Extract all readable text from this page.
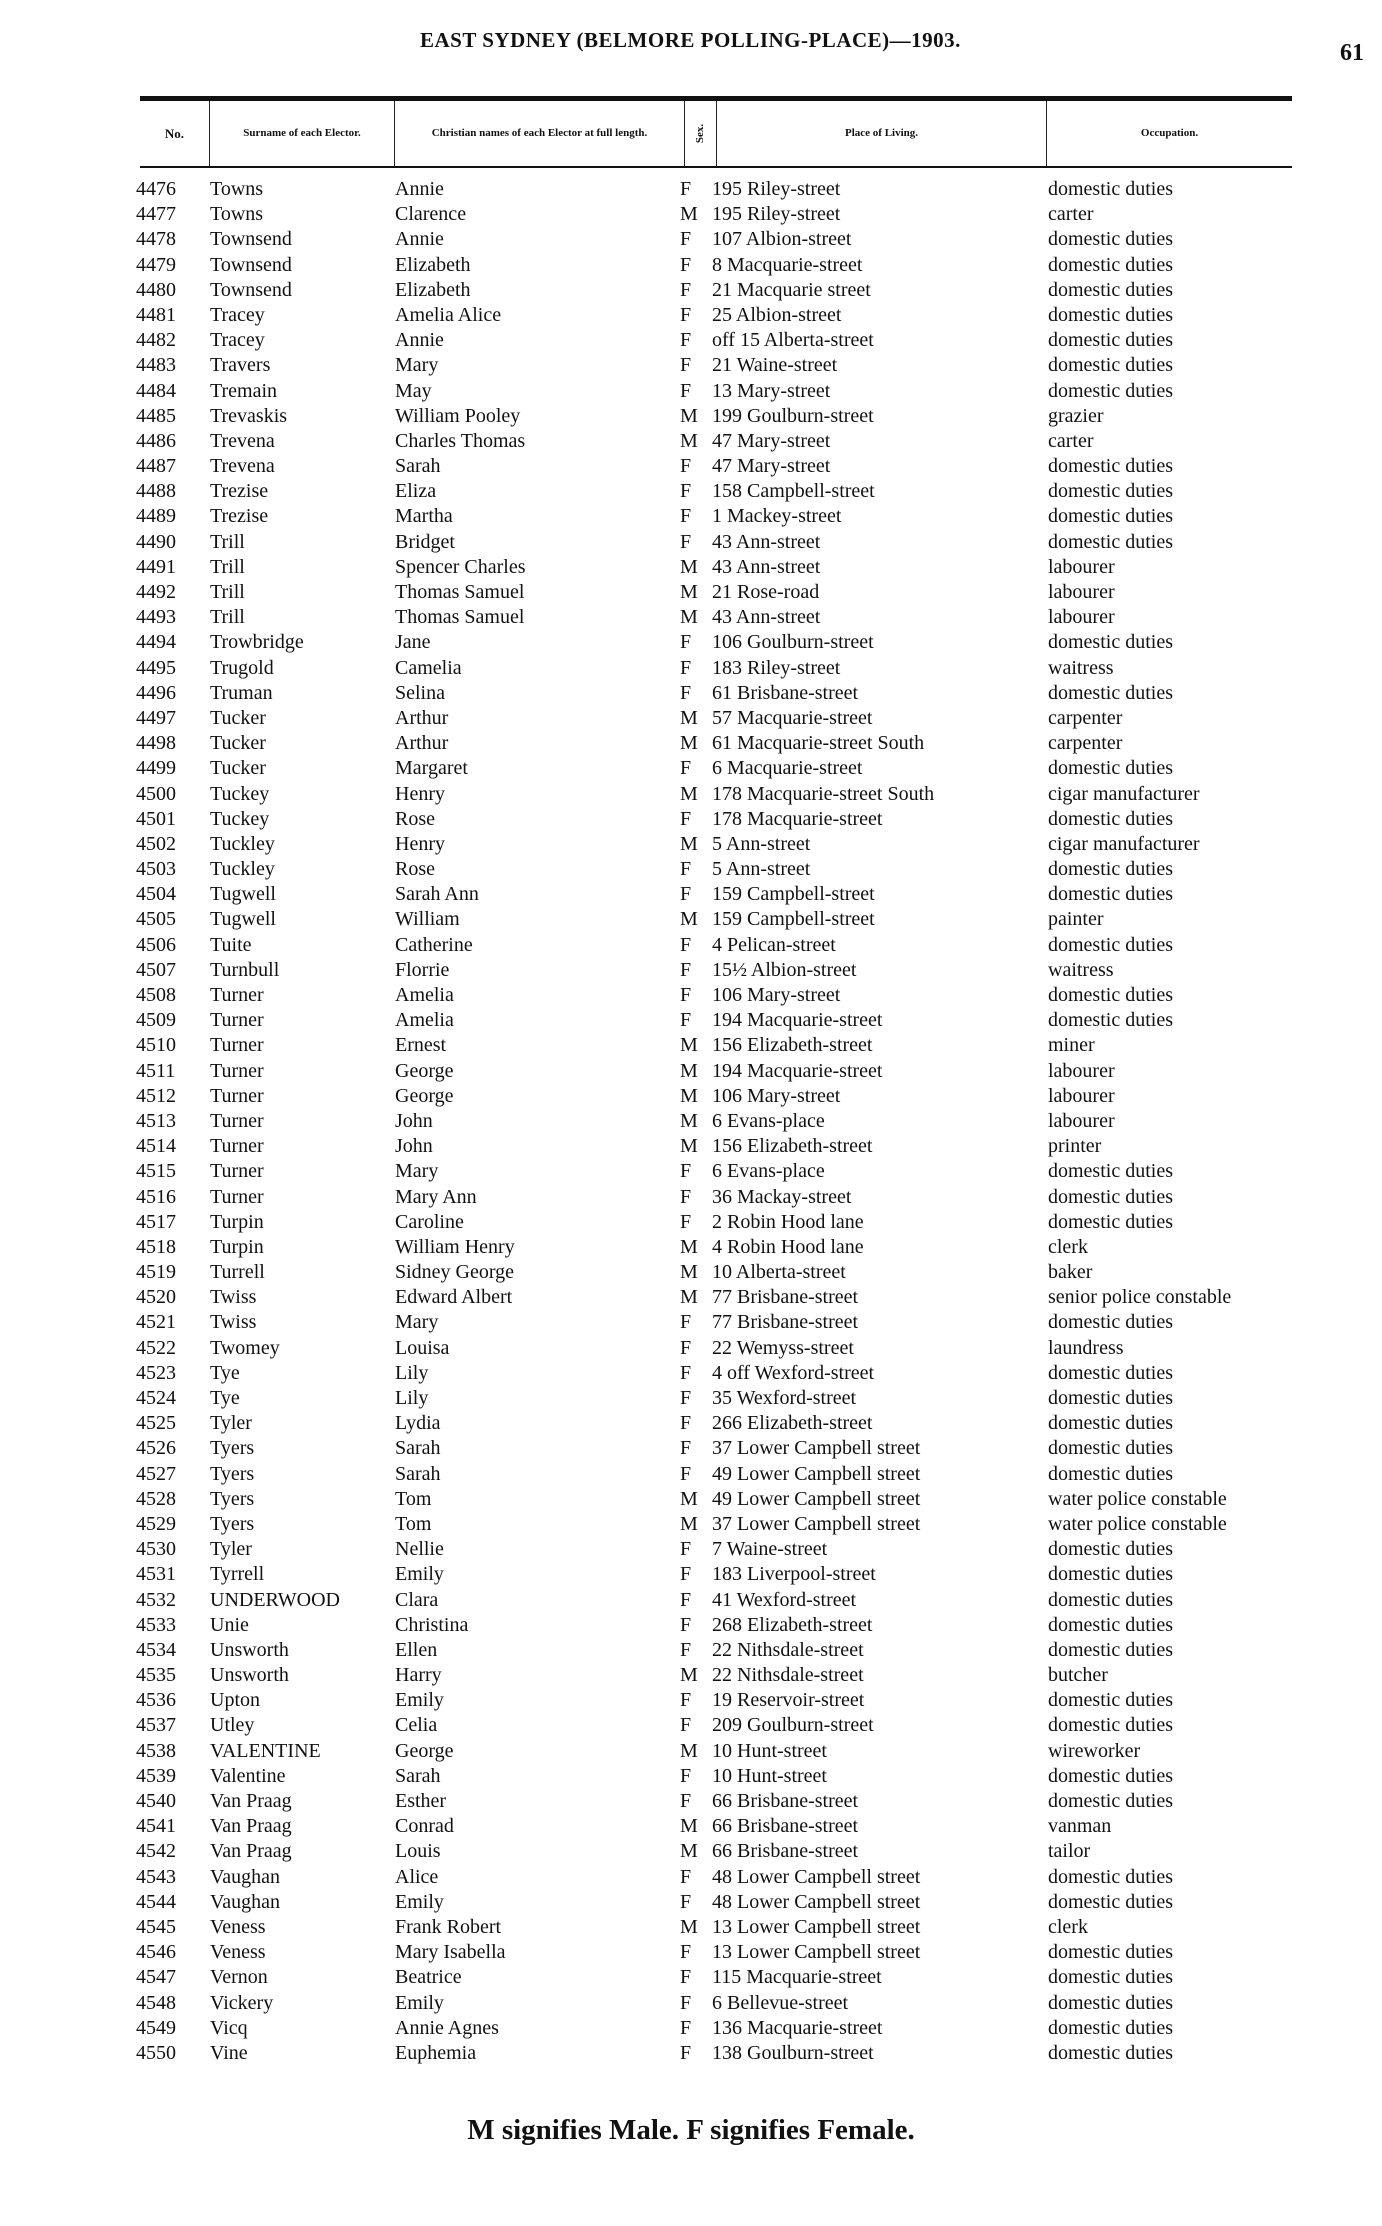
EAST SYDNEY (BELMORE POLLING-PLACE)—1903.	61
No.	Surname of each Elector.	Christian names of each Elector at full length.	Sex.	Place of Living.	Occupation.
4476 Towns	Annie	F 195 Riley-street	domestic duties
4477 Towns	Clarence	M 195 Riley-street	carter
4478 Townsend	Annie	F 107 Albion-street	domestic duties
4479 Townsend	Elizabeth	F 8 Macquarie-street	domestic duties
4480 Townsend	Elizabeth	F 21 Macquarie street	domestic duties
4481 Tracey	Amelia Alice	F 25 Albion-street	domestic duties
4482 Tracey	Annie	F off 15 Alberta-street	domestic duties
4483 Travers	Mary	F 21 Waine-street	domestic duties
4484 Tremain	May	F 13 Mary-street	domestic duties
4485 Trevaskis	William Pooley	M 199 Goulburn-street	grazier
4486 Trevena	Charles Thomas	M 47 Mary-street	carter
4487 Trevena	Sarah	F 47 Mary-street	domestic duties
4488 Trezise	Eliza	F 158 Campbell-street	domestic duties
4489 Trezise	Martha	F 1 Mackey-street	domestic duties
4490 Trill	Bridget	F 43 Ann-street	domestic duties
4491 Trill	Spencer Charles	M 43 Ann-street	labourer
4492 Trill	Thomas Samuel	M 21 Rose-road	labourer
4493 Trill	Thomas Samuel	M 43 Ann-street	labourer
4494 Trowbridge	Jane	F 106 Goulburn-street	domestic duties
4495 Trugold	Camelia	F 183 Riley-street	waitress
4496 Truman	Selina	F 61 Brisbane-street	domestic duties
4497 Tucker	Arthur	M 57 Macquarie-street	carpenter
4498 Tucker	Arthur	M 61 Macquarie-street South	carpenter
4499 Tucker	Margaret	F 6 Macquarie-street	domestic duties
4500 Tuckey	Henry	M 178 Macquarie-street South	cigar manufacturer
4501 Tuckey	Rose	F 178 Macquarie-street	domestic duties
4502 Tuckley	Henry	M 5 Ann-street	cigar manufacturer
4503 Tuckley	Rose	F 5 Ann-street	domestic duties
4504 Tugwell	Sarah Ann	F 159 Campbell-street	domestic duties
4505 Tugwell	William	M 159 Campbell-street	painter
4506 Tuite	Catherine	F 4 Pelican-street	domestic duties
4507 Turnbull	Florrie	F 15½ Albion-street	waitress
4508 Turner	Amelia	F 106 Mary-street	domestic duties
4509 Turner	Amelia	F 194 Macquarie-street	domestic duties
4510 Turner	Ernest	M 156 Elizabeth-street	miner
4511 Turner	George	M 194 Macquarie-street	labourer
4512 Turner	George	M 106 Mary-street	labourer
4513 Turner	John	M 6 Evans-place	labourer
4514 Turner	John	M 156 Elizabeth-street	printer
4515 Turner	Mary	F 6 Evans-place	domestic duties
4516 Turner	Mary Ann	F 36 Mackay-street	domestic duties
4517 Turpin	Caroline	F 2 Robin Hood lane	domestic duties
4518 Turpin	William Henry	M 4 Robin Hood lane	clerk
4519 Turrell	Sidney George	M 10 Alberta-street	baker
4520 Twiss	Edward Albert	M 77 Brisbane-street	senior police constable
4521 Twiss	Mary	F 77 Brisbane-street	domestic duties
4522 Twomey	Louisa	F 22 Wemyss-street	laundress
4523 Tye	Lily	F 4 off Wexford-street	domestic duties
4524 Tye	Lily	F 35 Wexford-street	domestic duties
4525 Tyler	Lydia	F 266 Elizabeth-street	domestic duties
4526 Tyers	Sarah	F 37 Lower Campbell street	domestic duties
4527 Tyers	Sarah	F 49 Lower Campbell street	domestic duties
4528 Tyers	Tom	M 49 Lower Campbell street	water police constable
4529 Tyers	Tom	M 37 Lower Campbell street	water police constable
4530 Tyler	Nellie	F 7 Waine-street	domestic duties
4531 Tyrrell	Emily	F 183 Liverpool-street	domestic duties
4532 UNDERWOOD	Clara	F 41 Wexford-street	domestic duties
4533 Unie	Christina	F 268 Elizabeth-street	domestic duties
4534 Unsworth	Ellen	F 22 Nithsdale-street	domestic duties
4535 Unsworth	Harry	M 22 Nithsdale-street	butcher
4536 Upton	Emily	F 19 Reservoir-street	domestic duties
4537 Utley	Celia	F 209 Goulburn-street	domestic duties
4538 VALENTINE	George	M 10 Hunt-street	wireworker
4539 Valentine	Sarah	F 10 Hunt-street	domestic duties
4540 Van Praag	Esther	F 66 Brisbane-street	domestic duties
4541 Van Praag	Conrad	M 66 Brisbane-street	vanman
4542 Van Praag	Louis	M 66 Brisbane-street	tailor
4543 Vaughan	Alice	F 48 Lower Campbell street	domestic duties
4544 Vaughan	Emily	F 48 Lower Campbell street	domestic duties
4545 Veness	Frank Robert	M 13 Lower Campbell street	clerk
4546 Veness	Mary Isabella	F 13 Lower Campbell street	domestic duties
4547 Vernon	Beatrice	F 115 Macquarie-street	domestic duties
4548 Vickery	Emily	F 6 Bellevue-street	domestic duties
4549 Vicq	Annie Agnes	F 136 Macquarie-street	domestic duties
4550 Vine	Euphemia	F 138 Goulburn-street	domestic duties
M signifies Male. F signifies Female.
